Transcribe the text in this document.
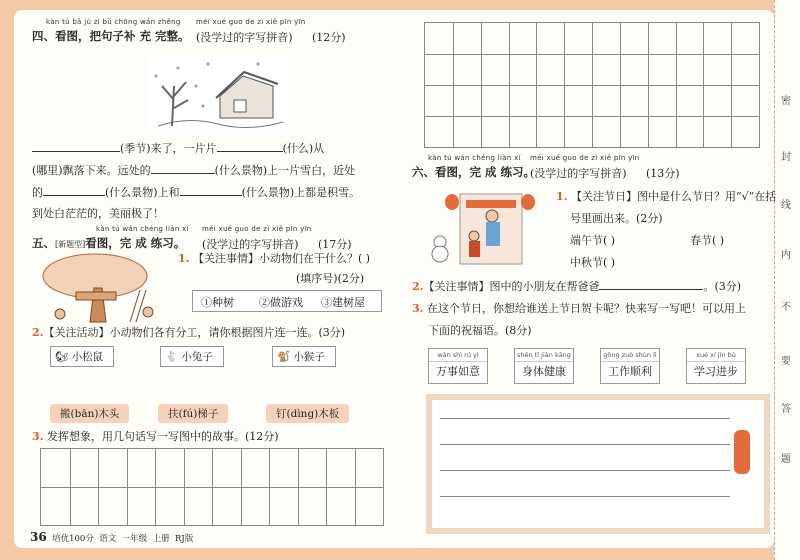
密
封
线
内
不
要
答
题
kàn tú bǎ jù zi bǔ chōng wán zhěng méi xué guo de zì xiě pīn yīn
四、看图，把句子补 充 完整。 (没学过的字写拼音) (12分)
(季节)来了，一片片	(什么)从
(哪里)飘落下来。远处的	(什么景物)上一片雪白，近处
的	(什么景物)上和	(什么景物)上都是积雪。
到处白茫茫的，美丽极了！
kàn tú wán chéng liàn xí méi xué guo de zì xiě pīn yīn
五、[新题型]看图，完 成 练习。 (没学过的字写拼音) (17分)
1. 【关注事情】小动物们在干什么？( )
(填序号)(2分)
①种树 ②做游戏 ③建树屋
2.【关注活动】小动物们各有分工，请你根据图片连一连。(3分)
🐿 小松鼠	🐇 小兔子	🐒 小猴子
搬(bān)木头	扶(fú)梯子	钉(dìng)木板
3. 发挥想象，用几句话写一写图中的故事。(12分)
36 培优100分 语文 一年级 上册 RJ版
kàn tú wán chéng liàn xí méi xué guo de zì xiě pīn yīn
六、看图，完 成 练习。
(没学过的字写拼音) (13分)
1. 【关注节日】图中是什么节日？用“√”在括
号里画出来。(2分)
端午节( )	春节( )
中秋节( )
2.【关注事情】图中的小朋友在帮爸爸	。(3分)
3. 在这个节日，你想给谁送上节日贺卡呢？快来写一写吧！可以用上
下面的祝福语。(8分)
wàn shì rú yì
万事如意
shēn tǐ jiàn kāng
身体健康
gōng zuò shùn lì
工作顺利
xué xí jìn bù
学习进步
